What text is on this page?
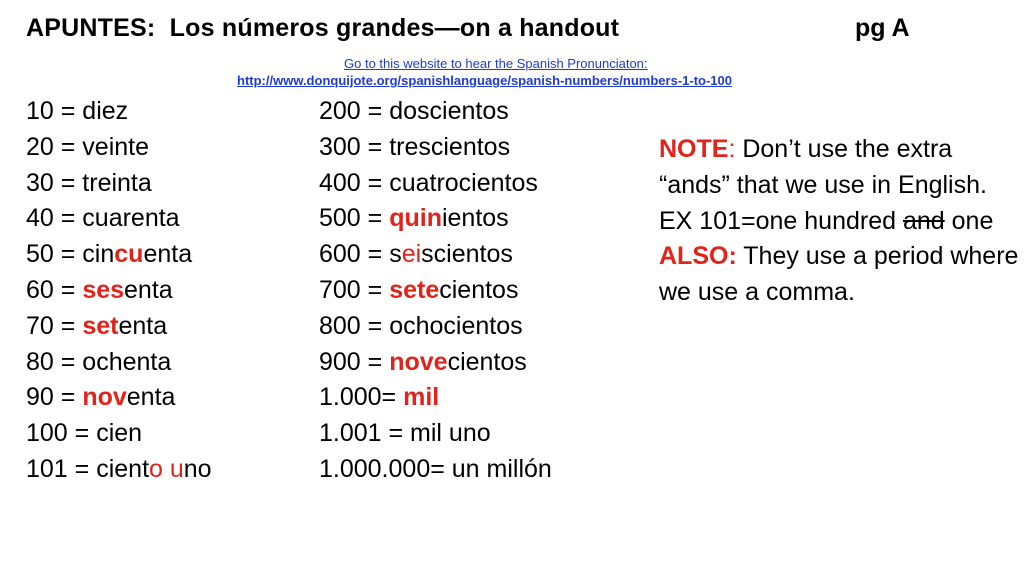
APUNTES:  Los números grandes—on a handout	pg A
Go to this website to hear the Spanish Pronunciaton:
http://www.donquijote.org/spanishlanguage/spanish-numbers/numbers-1-to-100
10 = diez
20 = veinte
30 = treinta
40 = cuarenta
50 = cincuenta
60 = sesenta
70 = setenta
80 = ochenta
90 = noventa
100 = cien
101 = ciento uno
200 = doscientos
300 = trescientos
400 = cuatrocientos
500 = quinientos
600 = seiscientos
700 = setecientos
800 = ochocientos
900 = novecientos
1.000= mil
1.001 = mil uno
1.000.000= un millón

NOTE: Don’t use the extra “ands” that we use in English.

EX 101=one hundred and one

ALSO: They use a period where we use a comma.
